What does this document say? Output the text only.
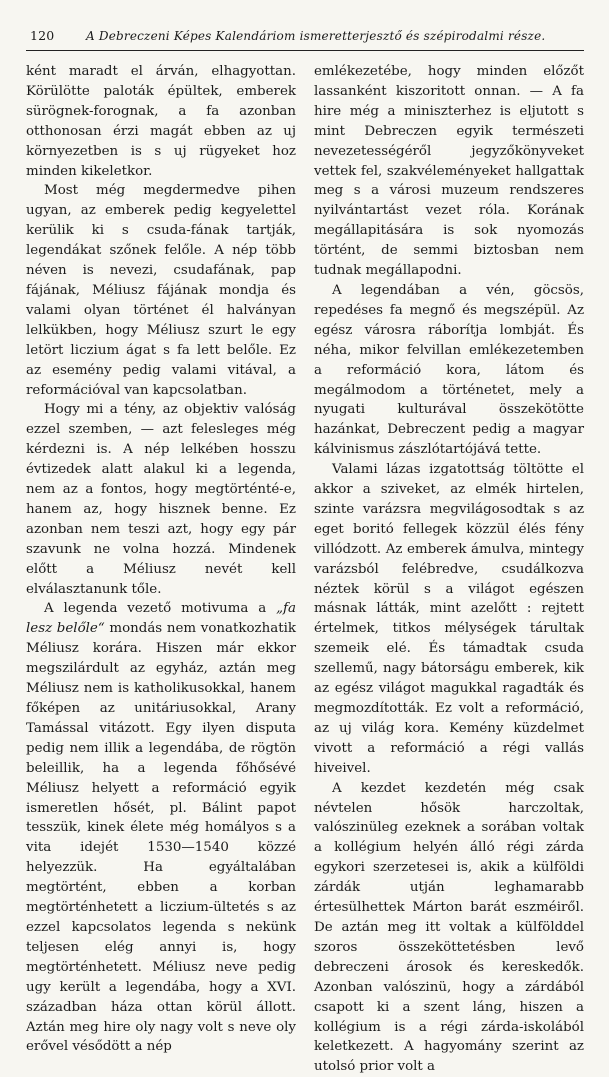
120	A Debreczeni Képes Kalendáriom ismeretterjesztő és szépirodalmi része.

ként maradt el árván, elhagyottan. Körülötte paloták épültek, emberek sürögnek-forognak, a fa azonban otthonosan érzi magát ebben az uj környezetben is s uj rügyeket hoz minden kikeletkor.

Most még megdermedve pihen ugyan, az emberek pedig kegyelettel kerülik ki s csuda-fának tartják, legendákat szőnek felőle. A nép több néven is nevezi, csudafának, pap fájának, Méliusz fájának mondja és valami olyan történet él halványan lelkükben, hogy Méliusz szurt le egy letört liczium ágat s fa lett belőle. Ez az esemény pedig valami vitával, a reformációval van kapcsolatban.

Hogy mi a tény, az objektiv valóság ezzel szemben, — azt felesleges még kérdezni is. A nép lelkében hosszu évtizedek alatt alakul ki a legenda, nem az a fontos, hogy megtörténté-e, hanem az, hogy hisznek benne. Ez azonban nem teszi azt, hogy egy pár szavunk ne volna hozzá. Mindenek előtt a Méliusz nevét kell elválasztanunk tőle.

A legenda vezető motivuma a „fa lesz belőle“ mondás nem vonatkozhatik Méliusz korára. Hiszen már ekkor megszilárdult az egyház, aztán meg Méliusz nem is katholikusokkal, hanem főképen az unitáriusokkal, Arany Tamással vitázott. Egy ilyen disputa pedig nem illik a legendába, de rögtön beleillik, ha a legenda főhősévé Méliusz helyett a reformáció egyik ismeretlen hősét, pl. Bálint papot tesszük, kinek élete még homályos s a vita idejét 1530—1540 közzé helyezzük. Ha egyáltalában megtörtént, ebben a korban megtörténhetett a liczium-ültetés s az ezzel kapcsolatos legenda s nekünk teljesen elég annyi is, hogy megtörténhetett. Méliusz neve pedig ugy került a legendába, hogy a XVI. században háza ottan körül állott. Aztán meg hire oly nagy volt s neve oly erővel vésődött a nép

emlékezetébe, hogy minden előzőt lassanként kiszoritott onnan. — A fa hire még a miniszterhez is eljutott s mint Debreczen egyik természeti nevezetességéről jegyzőkönyveket vettek fel, szakvéleményeket hallgattak meg s a városi muzeum rendszeres nyilvántartást vezet róla. Korának megállapitására is sok nyomozás történt, de semmi biztosban nem tudnak megállapodni.

A legendában a vén, göcsös, repedéses fa megnő és megszépül. Az egész városra ráborítja lombját. És néha, mikor felvillan emlékezetemben a reformáció kora, látom és megálmodom a történetet, mely a nyugati kulturával összekötötte hazánkat, Debreczent pedig a magyar kálvinismus zászlótartójává tette.

Valami lázas izgatottság töltötte el akkor a sziveket, az elmék hirtelen, szinte varázsra megvilágosodtak s az eget boritó fellegek közzül élés fény villódzott. Az emberek ámulva, mintegy varázsból felébredve, csudálkozva néztek körül s a világot egészen másnak látták, mint azelőtt : rejtett értelmek, titkos mélységek tárultak szemeik elé. És támadtak csuda szellemű, nagy bátorságu emberek, kik az egész világot magukkal ragadták és megmozdították. Ez volt a reformáció, az uj világ kora. Kemény küzdelmet vivott a reformáció a régi vallás hiveivel.

A kezdet kezdetén még csak névtelen hősök harczoltak, valószinüleg ezeknek a sorában voltak a kollégium helyén álló régi zárda egykori szerzetesei is, akik a külföldi zárdák utján leghamarabb értesülhettek Márton barát eszméiről. De aztán meg itt voltak a külfölddel szoros összeköttetésben levő debreczeni árosok és kereskedők. Azonban valószinü, hogy a zárdából csapott ki a szent láng, hiszen a kollégium is a régi zárda-iskolából keletkezett. A hagyomány szerint az utolsó prior volt a
